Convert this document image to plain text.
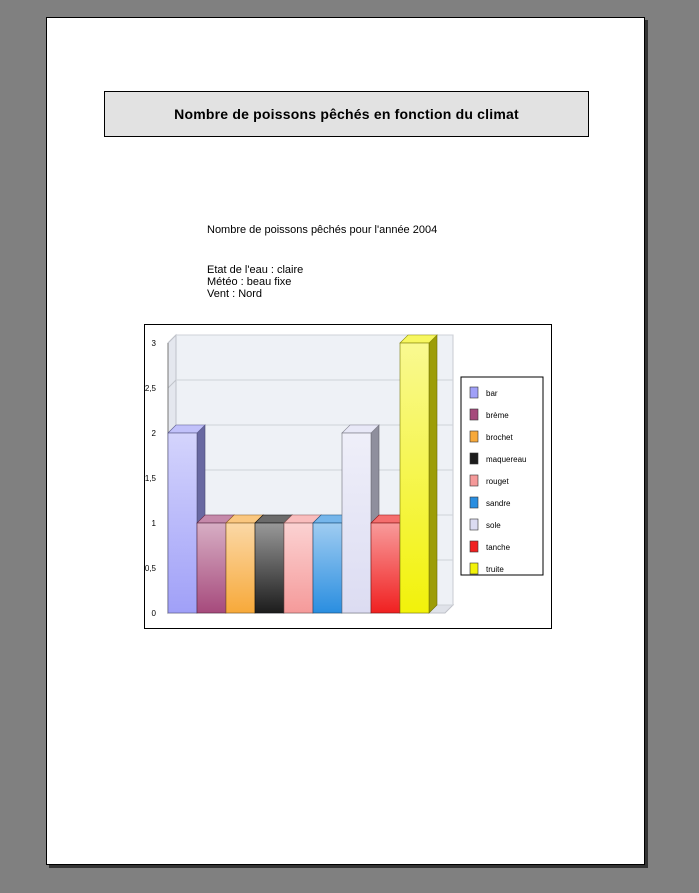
Nombre de poissons pêchés en fonction du climat
Nombre de poissons pêchés pour l'année 2004
Etat de l'eau : claire
Météo : beau fixe
Vent : Nord
0
0,5
1
1,5
2
2,5
3
bar
brème
brochet
maquereau
rouget
sandre
sole
tanche
truite
